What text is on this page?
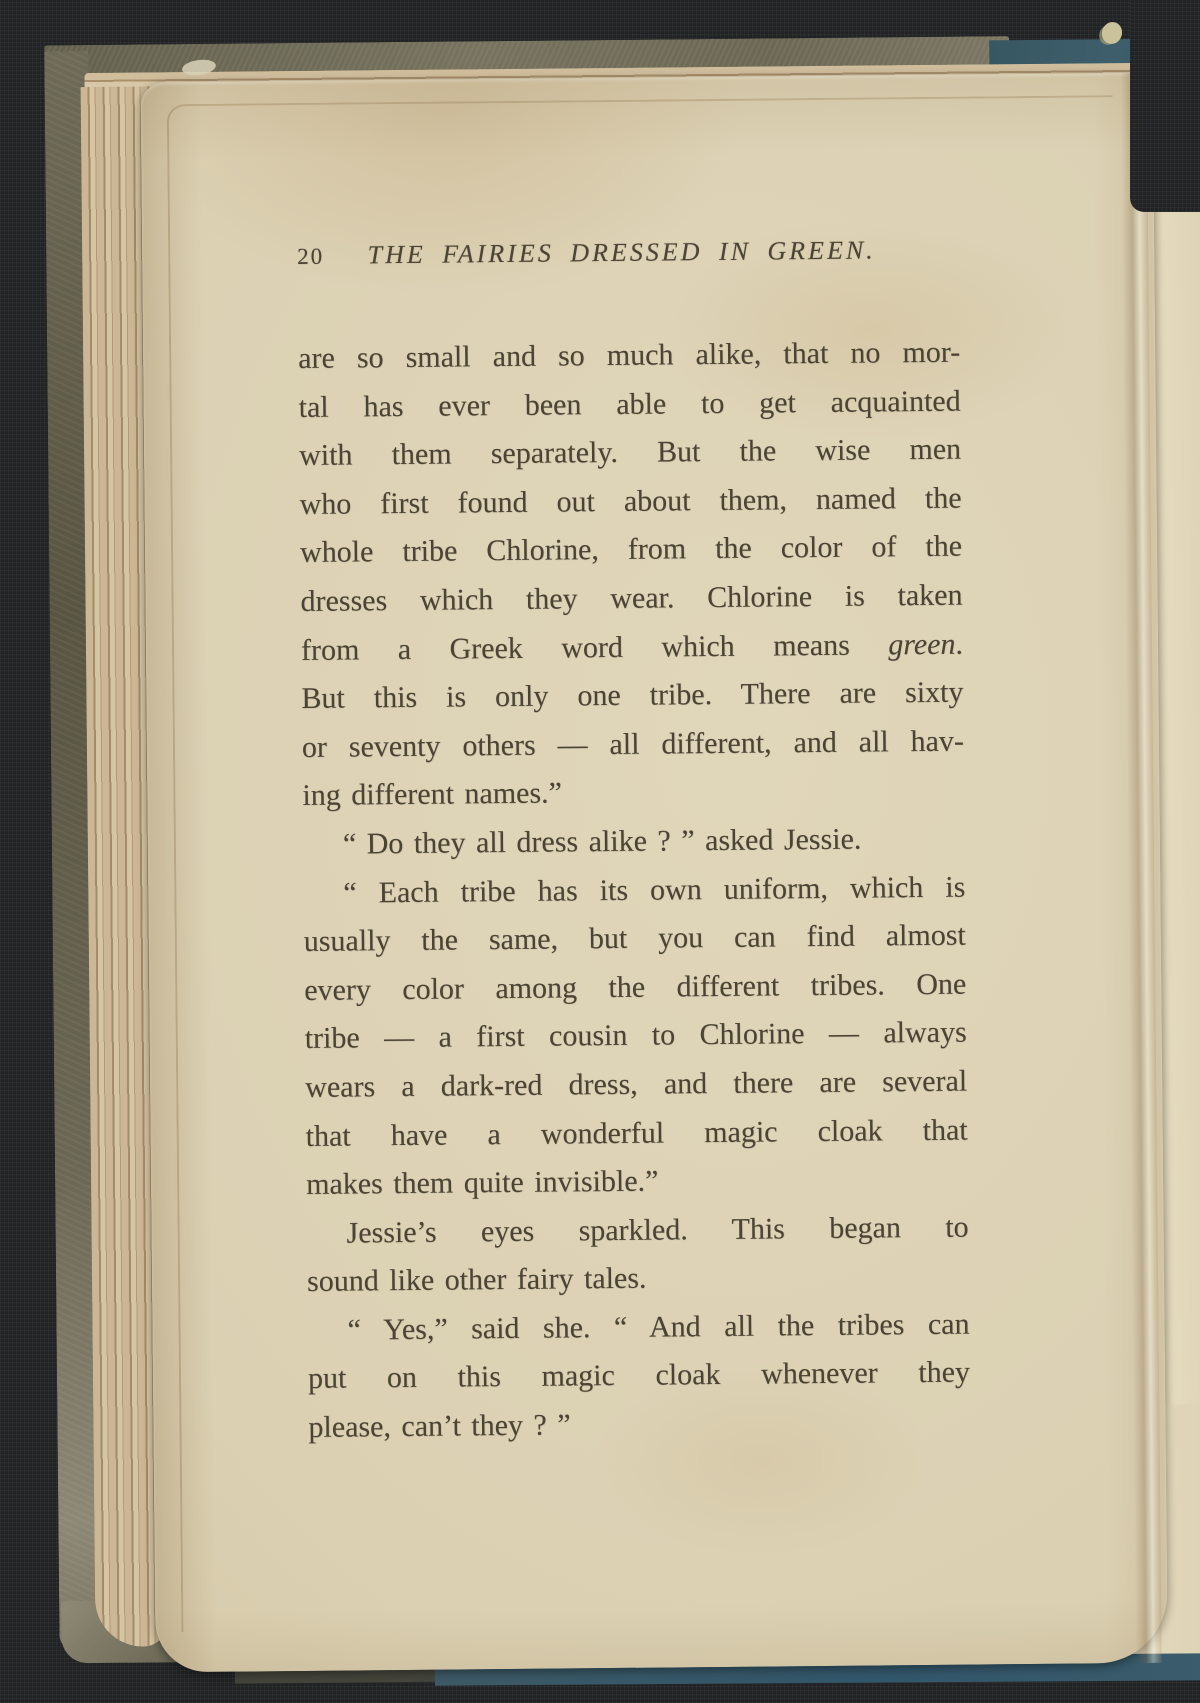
20	THE FAIRIES DRESSED IN GREEN.
are so small and so much alike, that no mor-
tal has ever been able to get acquainted
with them separately. But the wise men
who first found out about them, named the
whole tribe Chlorine, from the color of the
dresses which they wear. Chlorine is taken
from a Greek word which means green.
But this is only one tribe. There are sixty
or seventy others — all different, and all hav-
ing different names.”
“ Do they all dress alike ? ” asked Jessie.
“ Each tribe has its own uniform, which is
usually the same, but you can find almost
every color among the different tribes. One
tribe — a first cousin to Chlorine — always
wears a dark-red dress, and there are several
that have a wonderful magic cloak that
makes them quite invisible.”
Jessie’s eyes sparkled. This began to
sound like other fairy tales.
“ Yes,” said she. “ And all the tribes can
put on this magic cloak whenever they
please, can’t they ? ”
